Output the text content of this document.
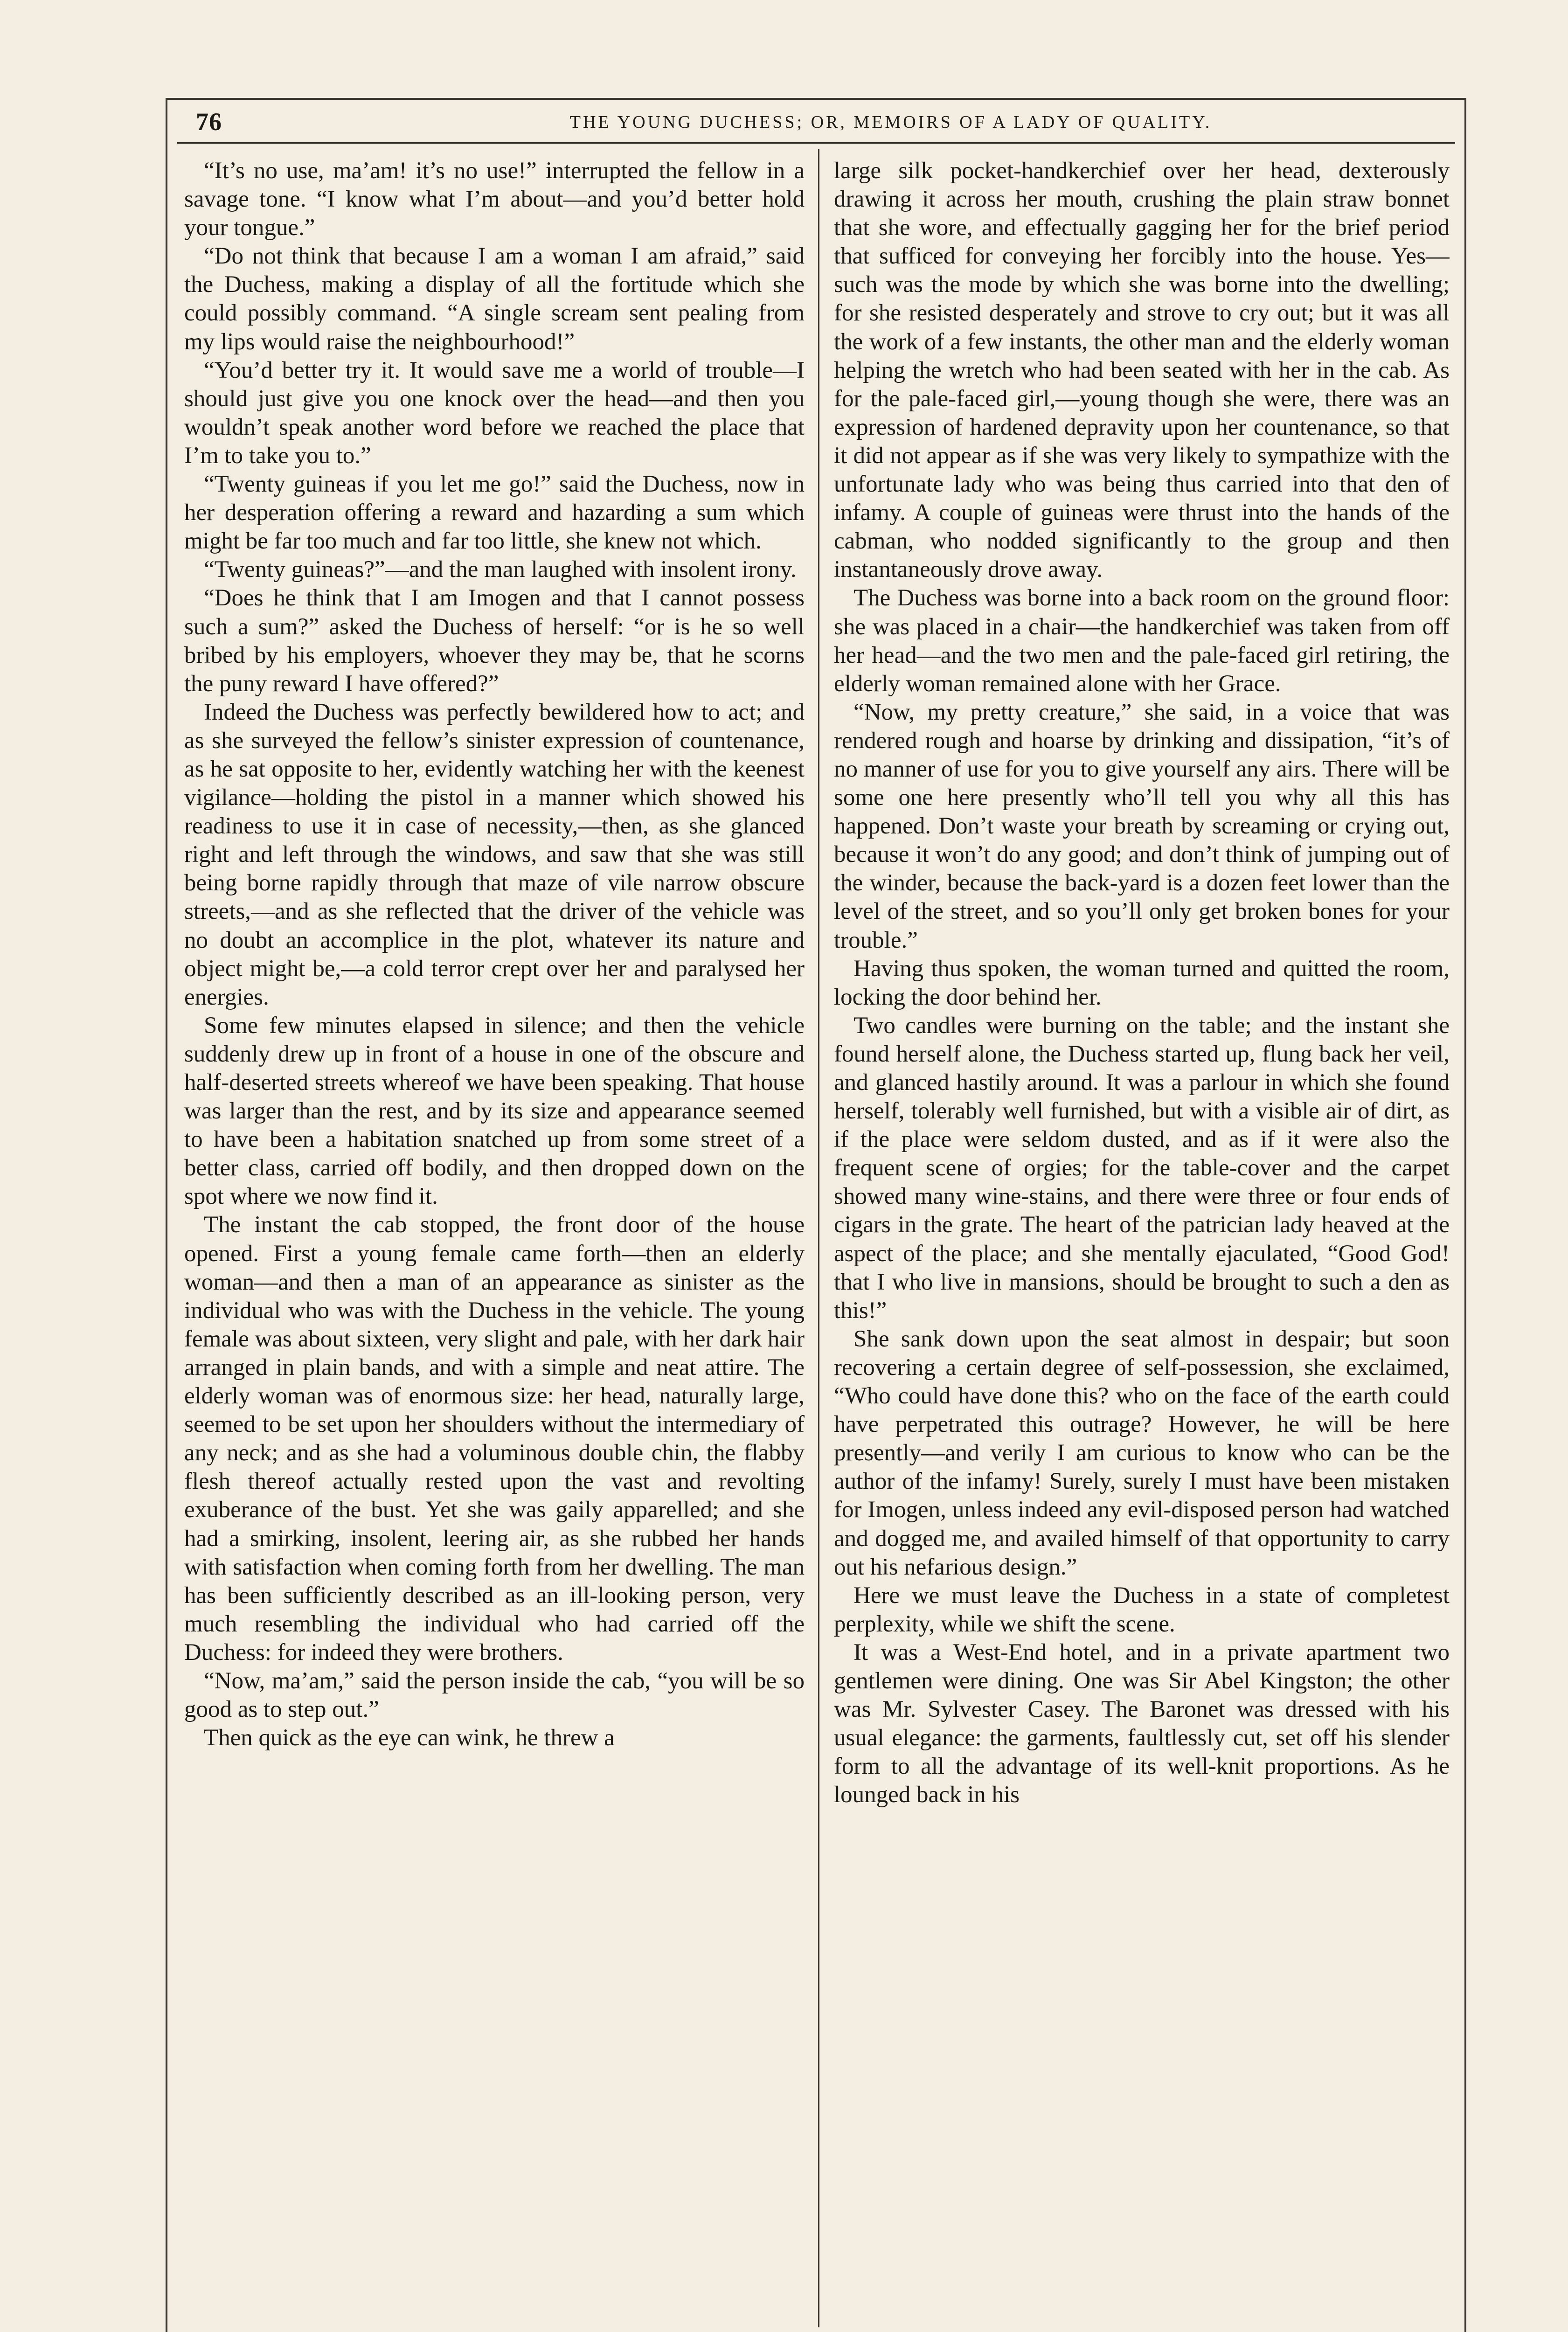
76	THE YOUNG DUCHESS; OR, MEMOIRS OF A LADY OF QUALITY.

“It’s no use, ma’am! it’s no use!” interrupted the fellow in a savage tone. “I know what I’m about—and you’d better hold your tongue.”

“Do not think that because I am a woman I am afraid,” said the Duchess, making a display of all the fortitude which she could possibly command. “A single scream sent pealing from my lips would raise the neighbourhood!”

“You’d better try it. It would save me a world of trouble—I should just give you one knock over the head—and then you wouldn’t speak another word before we reached the place that I’m to take you to.”

“Twenty guineas if you let me go!” said the Duchess, now in her desperation offering a reward and hazarding a sum which might be far too much and far too little, she knew not which.

“Twenty guineas?”—and the man laughed with insolent irony.

“Does he think that I am Imogen and that I cannot possess such a sum?” asked the Duchess of herself: “or is he so well bribed by his employers, whoever they may be, that he scorns the puny reward I have offered?”

Indeed the Duchess was perfectly bewildered how to act; and as she surveyed the fellow’s sinister expression of countenance, as he sat opposite to her, evidently watching her with the keenest vigilance—holding the pistol in a manner which showed his readiness to use it in case of necessity,—then, as she glanced right and left through the windows, and saw that she was still being borne rapidly through that maze of vile narrow obscure streets,—and as she reflected that the driver of the vehicle was no doubt an accomplice in the plot, whatever its nature and object might be,—a cold terror crept over her and paralysed her energies.

Some few minutes elapsed in silence; and then the vehicle suddenly drew up in front of a house in one of the obscure and half-deserted streets whereof we have been speaking. That house was larger than the rest, and by its size and appearance seemed to have been a habitation snatched up from some street of a better class, carried off bodily, and then dropped down on the spot where we now find it.

The instant the cab stopped, the front door of the house opened. First a young female came forth—then an elderly woman—and then a man of an appearance as sinister as the individual who was with the Duchess in the vehicle. The young female was about sixteen, very slight and pale, with her dark hair arranged in plain bands, and with a simple and neat attire. The elderly woman was of enormous size: her head, naturally large, seemed to be set upon her shoulders without the intermediary of any neck; and as she had a voluminous double chin, the flabby flesh thereof actually rested upon the vast and revolting exuberance of the bust. Yet she was gaily apparelled; and she had a smirking, insolent, leering air, as she rubbed her hands with satisfaction when coming forth from her dwelling. The man has been sufficiently described as an ill-looking person, very much resembling the individual who had carried off the Duchess: for indeed they were brothers.

“Now, ma’am,” said the person inside the cab, “you will be so good as to step out.”

Then quick as the eye can wink, he threw a

large silk pocket-handkerchief over her head, dexterously drawing it across her mouth, crushing the plain straw bonnet that she wore, and effectually gagging her for the brief period that sufficed for conveying her forcibly into the house. Yes—such was the mode by which she was borne into the dwelling; for she resisted desperately and strove to cry out; but it was all the work of a few instants, the other man and the elderly woman helping the wretch who had been seated with her in the cab. As for the pale-faced girl,—young though she were, there was an expression of hardened depravity upon her countenance, so that it did not appear as if she was very likely to sympathize with the unfortunate lady who was being thus carried into that den of infamy. A couple of guineas were thrust into the hands of the cabman, who nodded significantly to the group and then instantaneously drove away.

The Duchess was borne into a back room on the ground floor: she was placed in a chair—the handkerchief was taken from off her head—and the two men and the pale-faced girl retiring, the elderly woman remained alone with her Grace.

“Now, my pretty creature,” she said, in a voice that was rendered rough and hoarse by drinking and dissipation, “it’s of no manner of use for you to give yourself any airs. There will be some one here presently who’ll tell you why all this has happened. Don’t waste your breath by screaming or crying out, because it won’t do any good; and don’t think of jumping out of the winder, because the back-yard is a dozen feet lower than the level of the street, and so you’ll only get broken bones for your trouble.”

Having thus spoken, the woman turned and quitted the room, locking the door behind her.

Two candles were burning on the table; and the instant she found herself alone, the Duchess started up, flung back her veil, and glanced hastily around. It was a parlour in which she found herself, tolerably well furnished, but with a visible air of dirt, as if the place were seldom dusted, and as if it were also the frequent scene of orgies; for the table-cover and the carpet showed many wine-stains, and there were three or four ends of cigars in the grate. The heart of the patrician lady heaved at the aspect of the place; and she mentally ejaculated, “Good God! that I who live in mansions, should be brought to such a den as this!”

She sank down upon the seat almost in despair; but soon recovering a certain degree of self-possession, she exclaimed, “Who could have done this? who on the face of the earth could have perpetrated this outrage? However, he will be here presently—and verily I am curious to know who can be the author of the infamy! Surely, surely I must have been mistaken for Imogen, unless indeed any evil-disposed person had watched and dogged me, and availed himself of that opportunity to carry out his nefarious design.”

Here we must leave the Duchess in a state of completest perplexity, while we shift the scene.

It was a West-End hotel, and in a private apartment two gentlemen were dining. One was Sir Abel Kingston; the other was Mr. Sylvester Casey. The Baronet was dressed with his usual elegance: the garments, faultlessly cut, set off his slender form to all the advantage of its well-knit proportions. As he lounged back in his
